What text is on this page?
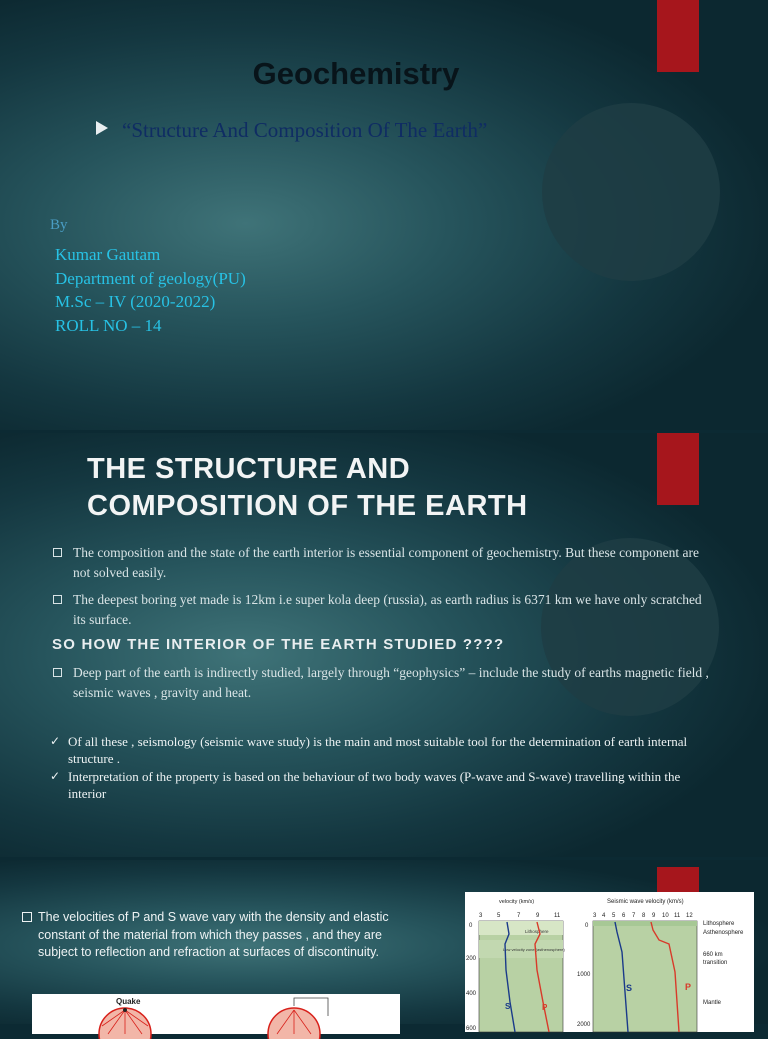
Geochemistry
“Structure And Composition Of The Earth”
By
Kumar Gautam
Department of geology(PU)
M.Sc – IV (2020-2022)
ROLL NO – 14
THE STRUCTURE AND
COMPOSITION OF THE EARTH
The composition and the state of the earth interior is essential component of geochemistry. But these component are not solved easily.
The deepest boring yet made is 12km i.e super kola deep (russia), as earth radius is 6371 km we have only scratched its surface.
SO HOW THE INTERIOR OF THE EARTH STUDIED ????
Deep part of the earth is indirectly studied, largely through “geophysics” – include the study of earths magnetic field , seismic waves , gravity and heat.
✓ Of all these , seismology (seismic wave study) is the main and most suitable tool for the determination of earth internal structure .
✓ Interpretation of the property is based on the behaviour of two body waves (P-wave and S-wave) travelling within the interior
The velocities of P and S wave vary with the density and elastic constant of the material from which they passes , and they are subject to reflection and refraction at surfaces of discontinuity.
Quake
velocity (km/s)
3 5	7	9 11
0
200
400
600
Lithosphere
Low velocity zone (asthenosphere)
S	P
Seismic wave velocity (km/s)
3 4 5 6 7 8 9 10 11 12
0
1000
2000
S	P
Lithosphere
Asthenosphere
660 km
transition
Mantle
